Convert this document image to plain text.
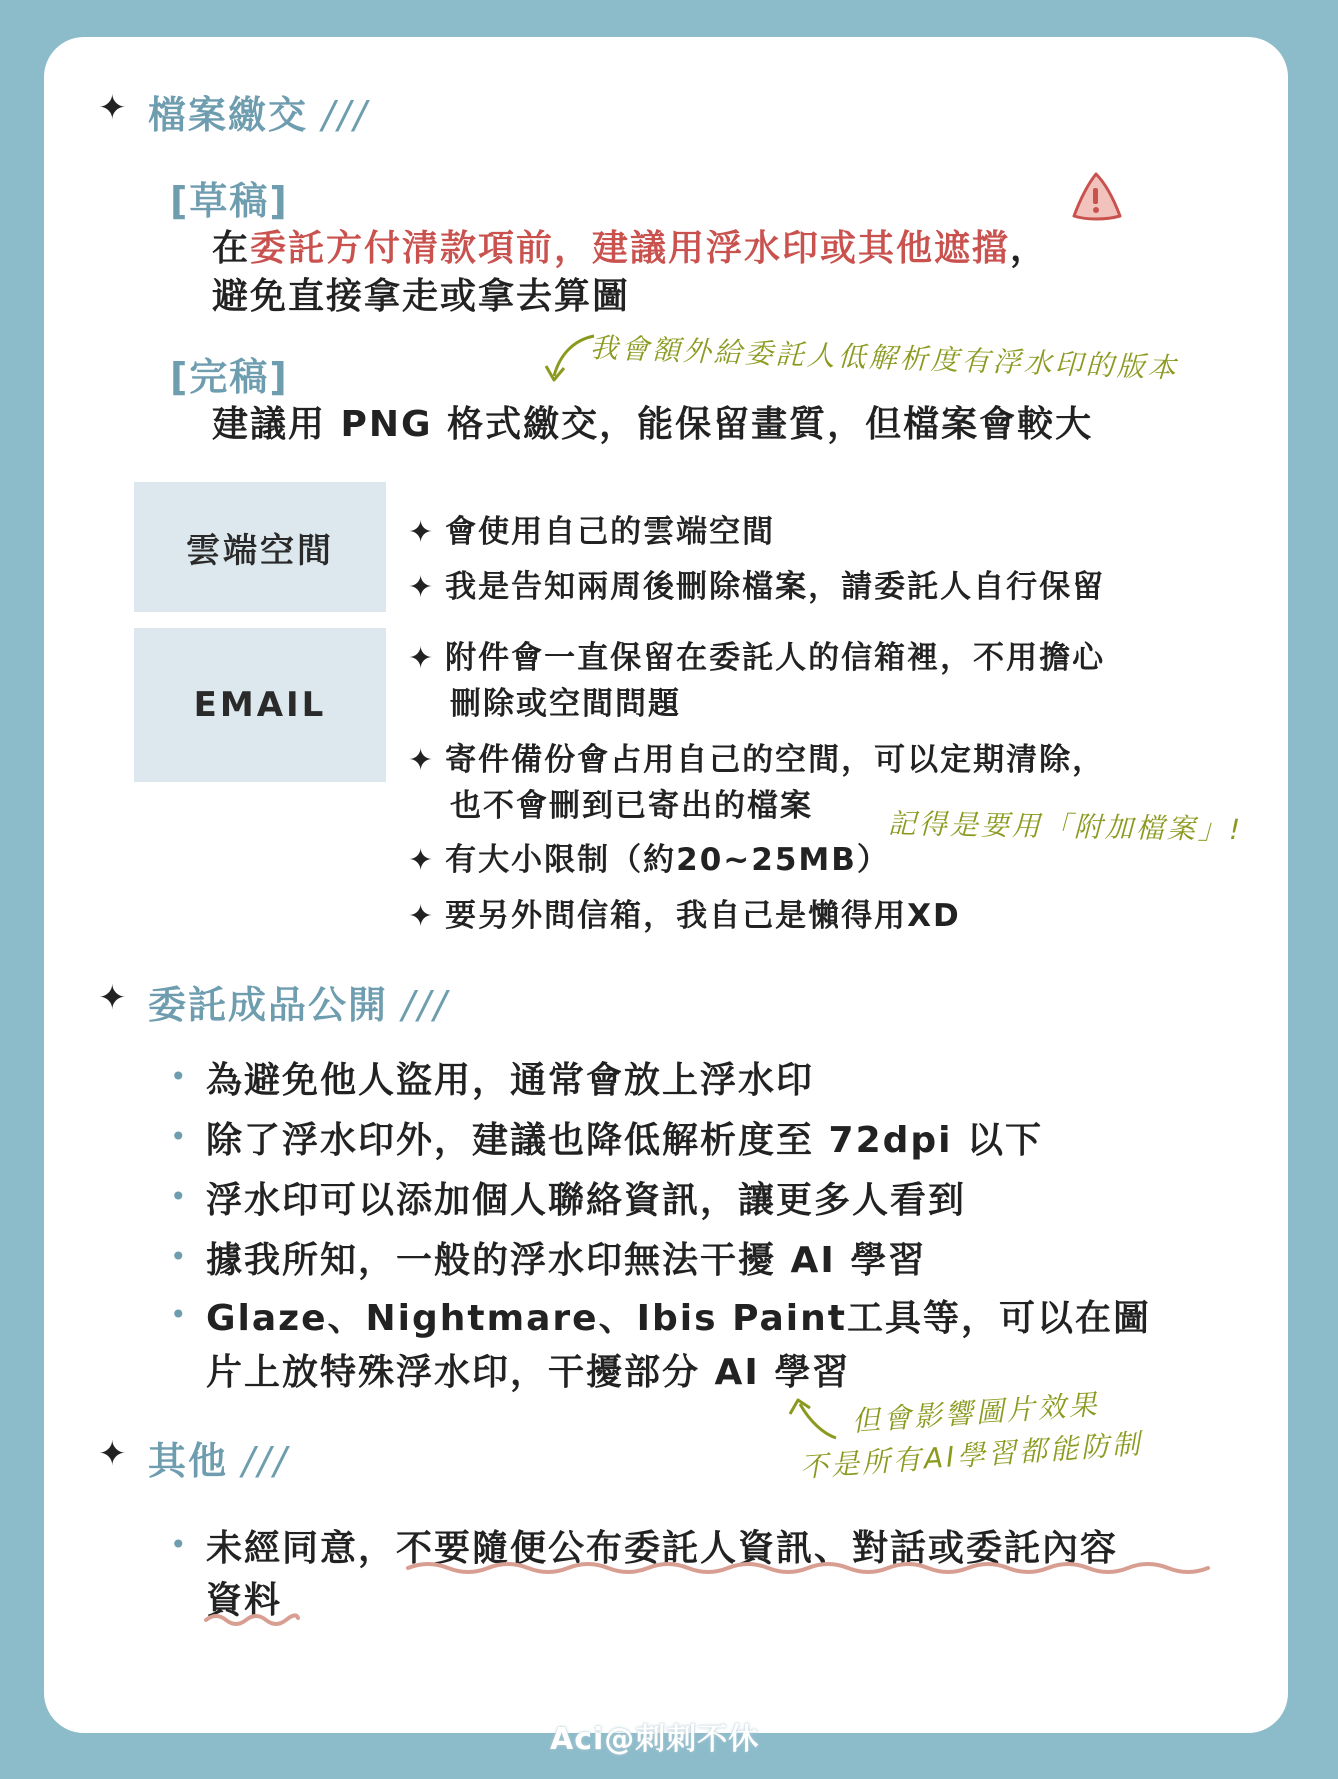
✦ 檔案繳交 ///
[草稿]
在委託方付清款項前，建議用浮水印或其他遮擋，
避免直接拿走或拿去算圖
[完稿]	我會額外給委託人低解析度有浮水印的版本
建議用 PNG 格式繳交，能保留畫質，但檔案會較大
雲端空間	✦ 會使用自己的雲端空間
✦ 我是告知兩周後刪除檔案，請委託人自行保留
EMAIL
✦ 附件會一直保留在委託人的信箱裡，不用擔心
刪除或空間問題
✦ 寄件備份會占用自己的空間，可以定期清除，
也不會刪到已寄出的檔案
✦ 有大小限制（約20~25MB）
✦ 要另外問信箱，我自己是懶得用XD
記得是要用「附加檔案」!
✦ 委託成品公開 ///
• 為避免他人盜用，通常會放上浮水印
• 除了浮水印外，建議也降低解析度至 72dpi 以下
• 浮水印可以添加個人聯絡資訊，讓更多人看到
• 據我所知，一般的浮水印無法干擾 AI 學習
• Glaze、Nightmare、Ibis Paint工具等，可以在圖
片上放特殊浮水印，干擾部分 AI 學習
但會影響圖片效果
不是所有AI學習都能防制
✦ 其他 ///
• 未經同意，不要隨便公布委託人資訊、對話或委託內容
資料
Aci@刺刺不休
